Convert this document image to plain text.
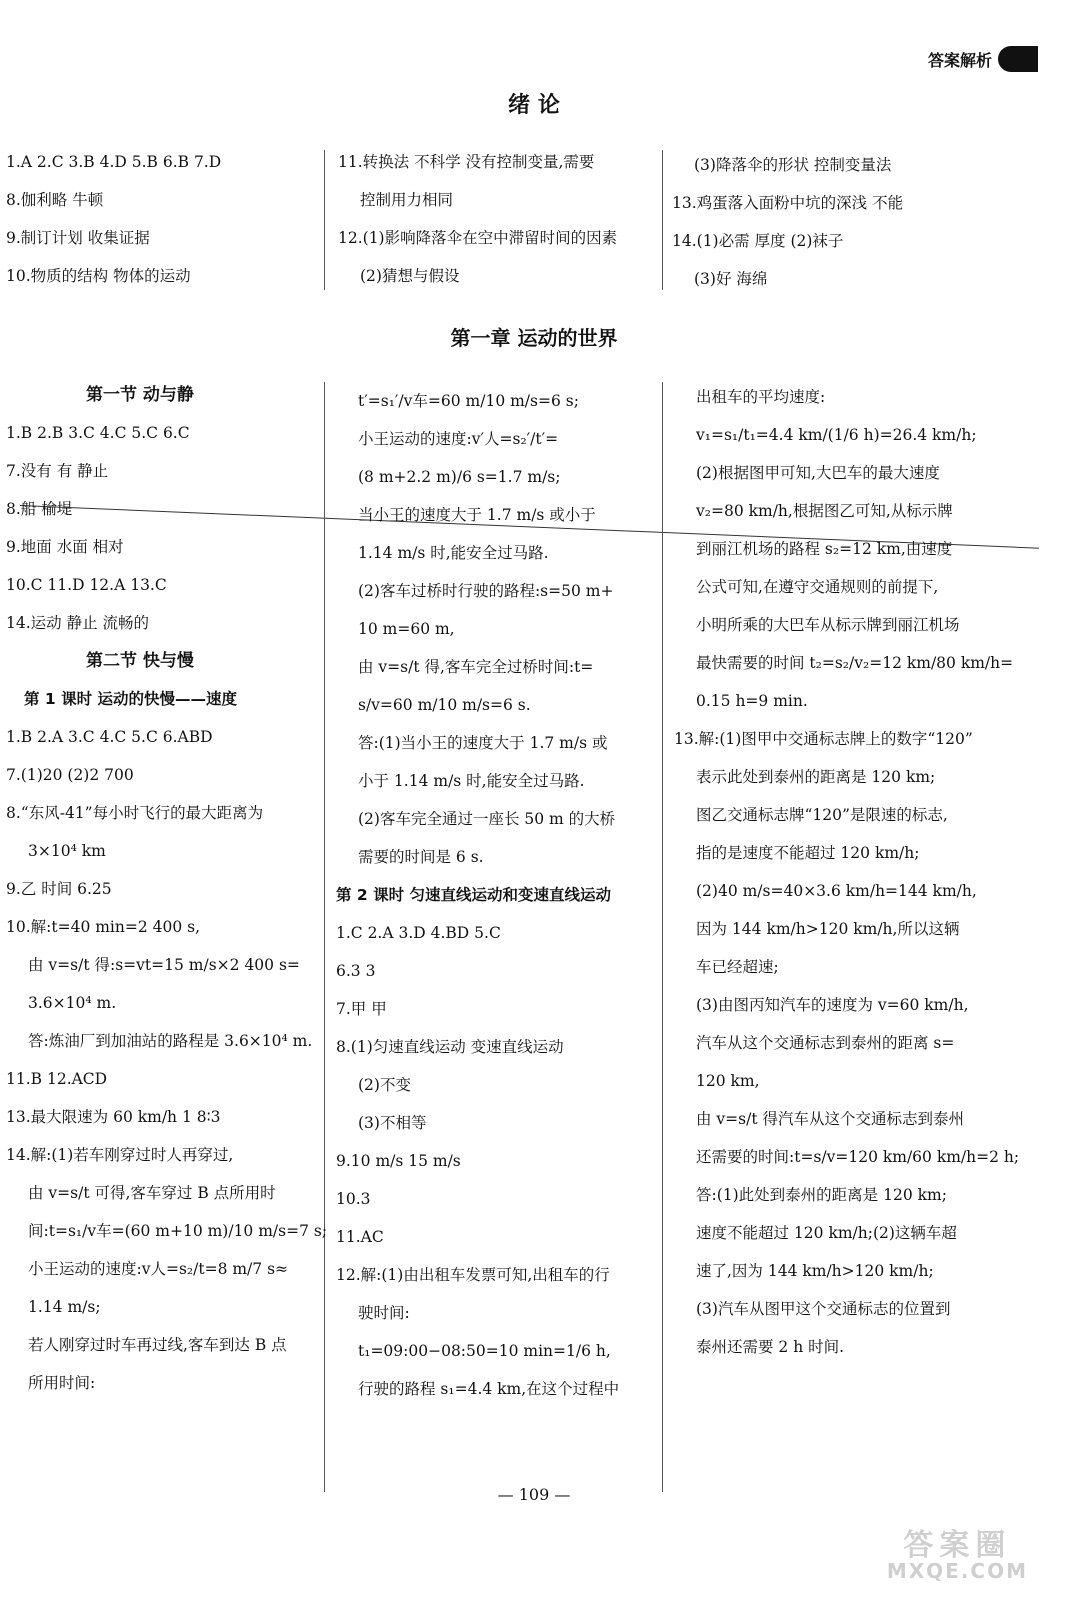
答案解析
绪 论
1.A 2.C 3.B 4.D 5.B 6.B 7.D
8.伽利略 牛顿
9.制订计划 收集证据
10.物质的结构 物体的运动
11.转换法 不科学 没有控制变量,需要
控制用力相同
12.(1)影响降落伞在空中滞留时间的因素
(2)猜想与假设
(3)降落伞的形状 控制变量法
13.鸡蛋落入面粉中坑的深浅 不能
14.(1)必需 厚度 (2)袜子
(3)好 海绵
第一章 运动的世界
第一节 动与静
1.B 2.B 3.C 4.C 5.C 6.C
7.没有 有 静止
8.船 榆堤
9.地面 水面 相对
10.C 11.D 12.A 13.C
14.运动 静止 流畅的
第二节 快与慢
第 1 课时 运动的快慢——速度
1.B 2.A 3.C 4.C 5.C 6.ABD
7.(1)20 (2)2 700
8.“东风-41”每小时飞行的最大距离为
3×10⁴ km
9.乙 时间 6.25
10.解:t=40 min=2 400 s,
由 v=s/t 得:s=vt=15 m/s×2 400 s=
3.6×10⁴ m.
答:炼油厂到加油站的路程是 3.6×10⁴ m.
11.B 12.ACD
13.最大限速为 60 km/h 1 8∶3
14.解:(1)若车刚穿过时人再穿过,
由 v=s/t 可得,客车穿过 B 点所用时
间:t=s₁/v车=(60 m+10 m)/10 m/s=7 s;
小王运动的速度:v人=s₂/t=8 m/7 s≈
1.14 m/s;
若人刚穿过时车再过线,客车到达 B 点
所用时间:
t′=s₁′/v车=60 m/10 m/s=6 s;
小王运动的速度:v′人=s₂′/t′=
(8 m+2.2 m)/6 s=1.7 m/s;
当小王的速度大于 1.7 m/s 或小于
1.14 m/s 时,能安全过马路.
(2)客车过桥时行驶的路程:s=50 m+
10 m=60 m,
由 v=s/t 得,客车完全过桥时间:t=
s/v=60 m/10 m/s=6 s.
答:(1)当小王的速度大于 1.7 m/s 或
小于 1.14 m/s 时,能安全过马路.
(2)客车完全通过一座长 50 m 的大桥
需要的时间是 6 s.
第 2 课时 匀速直线运动和变速直线运动
1.C 2.A 3.D 4.BD 5.C
6.3 3
7.甲 甲
8.(1)匀速直线运动 变速直线运动
(2)不变
(3)不相等
9.10 m/s 15 m/s
10.3
11.AC
12.解:(1)由出租车发票可知,出租车的行
驶时间:
t₁=09:00−08:50=10 min=1/6 h,
行驶的路程 s₁=4.4 km,在这个过程中
出租车的平均速度:
v₁=s₁/t₁=4.4 km/(1/6 h)=26.4 km/h;
(2)根据图甲可知,大巴车的最大速度
v₂=80 km/h,根据图乙可知,从标示牌
到丽江机场的路程 s₂=12 km,由速度
公式可知,在遵守交通规则的前提下,
小明所乘的大巴车从标示牌到丽江机场
最快需要的时间 t₂=s₂/v₂=12 km/80 km/h=
0.15 h=9 min.
13.解:(1)图甲中交通标志牌上的数字“120”
表示此处到泰州的距离是 120 km;
图乙交通标志牌“120”是限速的标志,
指的是速度不能超过 120 km/h;
(2)40 m/s=40×3.6 km/h=144 km/h,
因为 144 km/h>120 km/h,所以这辆
车已经超速;
(3)由图丙知汽车的速度为 v=60 km/h,
汽车从这个交通标志到泰州的距离 s=
120 km,
由 v=s/t 得汽车从这个交通标志到泰州
还需要的时间:t=s/v=120 km/60 km/h=2 h;
答:(1)此处到泰州的距离是 120 km;
速度不能超过 120 km/h;(2)这辆车超
速了,因为 144 km/h>120 km/h;
(3)汽车从图甲这个交通标志的位置到
泰州还需要 2 h 时间.
— 109 —
答案圈
MXQE.COM
